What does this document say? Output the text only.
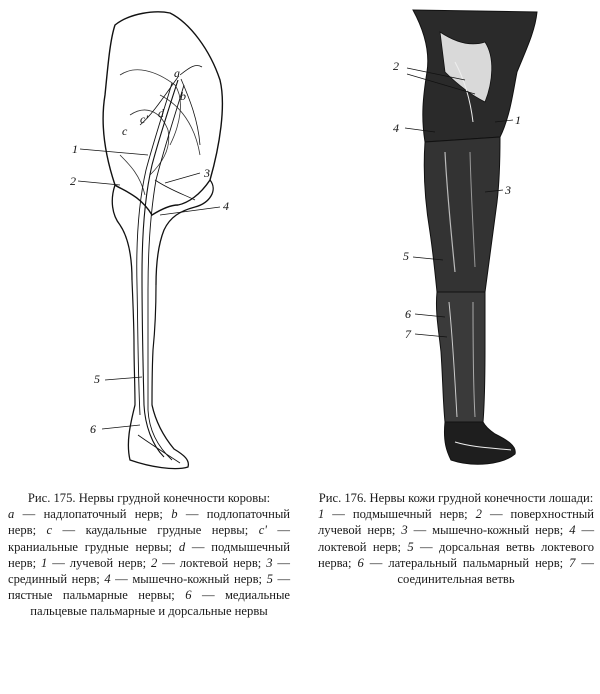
a
b
c
c' d
1
2
3
4
5
6
2
1
4
3
5
6
7
Рис. 175. Нервы грудной конечности коровы:
a — надлопаточный нерв; b — подлопаточный нерв; c — каудальные грудные нервы; c' — краниальные грудные нервы; d — подмышечный нерв; 1 — лучевой нерв; 2 — локтевой нерв; 3 — срединный нерв; 4 — мышечно-кожный нерв; 5 — пястные пальмарные нервы; 6 — медиальные пальцевые пальмарные и дорсальные нервы
Рис. 176. Нервы кожи грудной конечности лошади:
1 — подмышечный нерв; 2 — поверхностный лучевой нерв; 3 — мышечно-кожный нерв; 4 — локтевой нерв; 5 — дорсальная ветвь локтевого нерва; 6 — латеральный пальмарный нерв; 7 — соединительная ветвь
